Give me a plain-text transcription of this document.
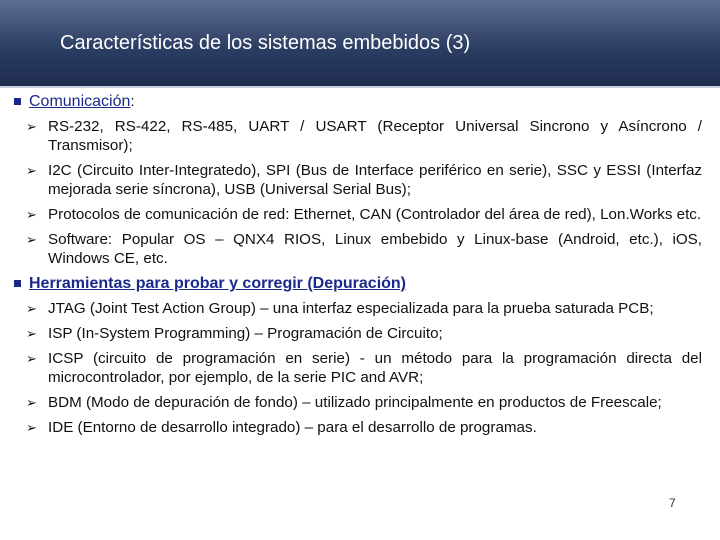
Características de los sistemas embebidos (3)
Comunicación:
➢ RS-232, RS-422, RS-485, UART / USART (Receptor Universal Sincrono y Asíncrono / Transmisor);
➢ I2C (Circuito Inter-Integratedo), SPI (Bus de Interface periférico en serie), SSC y ESSI (Interfaz mejorada serie síncrona), USB (Universal Serial Bus);
➢ Protocolos de comunicación de red: Ethernet, CAN (Controlador del área de red), Lon.Works etc.
➢ Software: Popular OS – QNX4 RIOS, Linux embebido y Linux-base (Android, etc.), iOS, Windows CE, etc.
Herramientas para probar y corregir (Depuración)
➢ JTAG (Joint Test Action Group) – una interfaz especializada para la prueba saturada PCB;
➢ ISP (In-System Programming) – Programación de Circuito;
➢ ICSP (circuito de programación en serie) - un método para la programación directa del microcontrolador, por ejemplo, de la serie PIC and AVR;
➢ BDM (Modo de depuración de fondo) – utilizado principalmente en productos de Freescale;
➢ IDE (Entorno de desarrollo integrado) – para el desarrollo de programas.
7
